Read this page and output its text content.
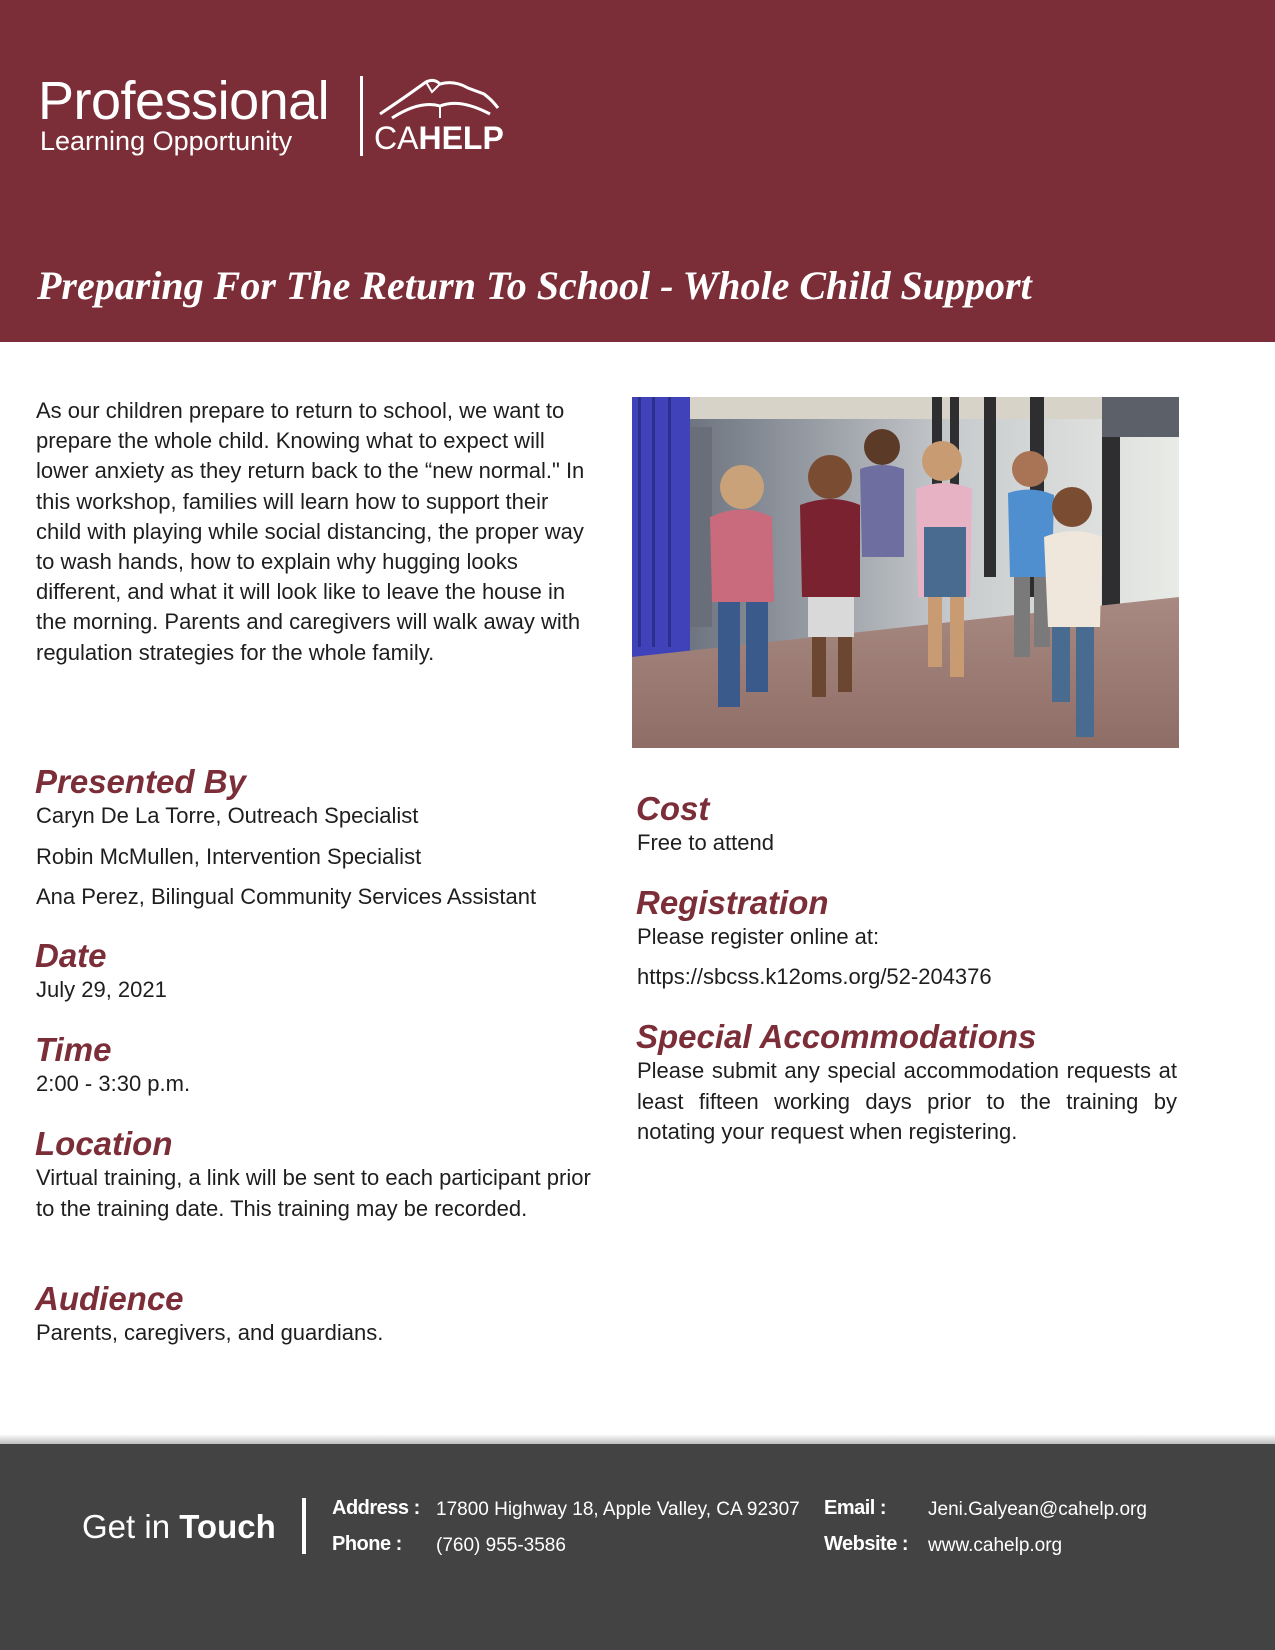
Professional
Learning Opportunity	CAHELP
Preparing For The Return To School - Whole Child Support

As our children prepare to return to school, we want to prepare the whole child. Knowing what to expect will lower anxiety as they return back to the “new normal." In this workshop, families will learn how to support their child with playing while social distancing, the proper way to wash hands, how to explain why hugging looks different, and what it will look like to leave the house in the morning. Parents and caregivers will walk away with regulation strategies for the whole family.

Presented By
Caryn De La Torre, Outreach Specialist
Robin McMullen, Intervention Specialist
Ana Perez, Bilingual Community Services Assistant
Date
July 29, 2021
Time
2:00 - 3:30 p.m.
Location
Virtual training, a link will be sent to each participant prior to the training date. This training may be recorded.
Audience
Parents, caregivers, and guardians.
Cost
Free to attend
Registration
Please register online at:
https://sbcss.k12oms.org/52-204376
Special Accommodations
Please submit any special accommodation requests at least fifteen working days prior to the training by notating your request when registering.
Get in Touch	Address : 17800 Highway 18, Apple Valley, CA 92307
Phone : (760) 955-3586
Email : Jeni.Galyean@cahelp.org
Website : www.cahelp.org
